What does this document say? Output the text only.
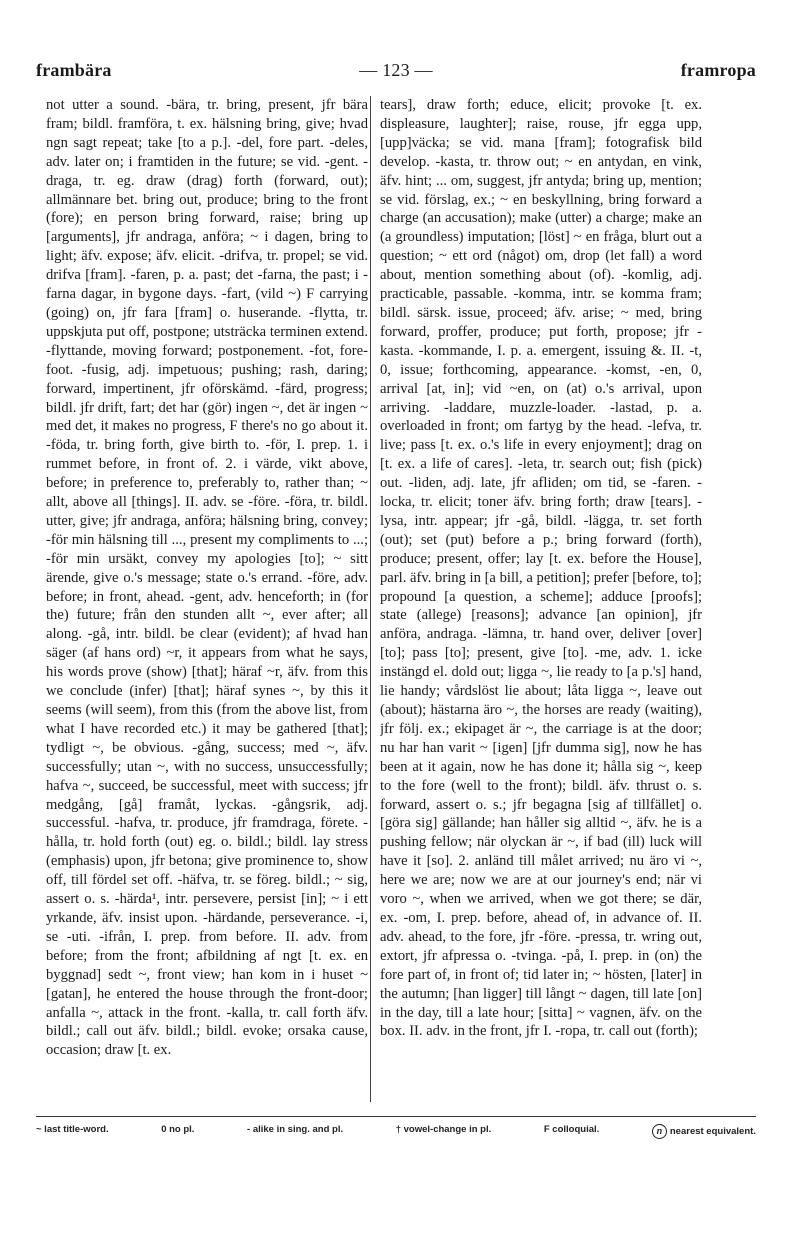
frambära	— 123 —	framropa

not utter a sound. -bära, tr. bring, present, jfr bära fram; bildl. framföra, t. ex. hälsning bring, give; hvad ngn sagt repeat; take [to a p.]. -del, fore part. -deles, adv. later on; i framtiden in the future; se vid. -gent. -draga, tr. eg. draw (drag) forth (forward, out); allmännare bet. bring out, produce; bring to the front (fore); en person bring forward, raise; bring up [arguments], jfr andraga, anföra; ~ i dagen, bring to light; äfv. expose; äfv. elicit. -drifva, tr. propel; se vid. drifva [fram]. -faren, p. a. past; det -farna, the past; i -farna dagar, in bygone days. -fart, (vild ~) F carrying (going) on, jfr fara [fram] o. huserande. -flytta, tr. uppskjuta put off, postpone; utsträcka terminen extend. -flyttande, moving forward; postponement. -fot, fore-foot. -fusig, adj. impetuous; pushing; rash, daring; forward, impertinent, jfr oförskämd. -färd, progress; bildl. jfr drift, fart; det har (gör) ingen ~, det är ingen ~ med det, it makes no progress, F there's no go about it. -föda, tr. bring forth, give birth to. -för, I. prep. 1. i rummet before, in front of. 2. i värde, vikt above, before; in preference to, preferably to, rather than; ~ allt, above all [things]. II. adv. se -före. -föra, tr. bildl. utter, give; jfr andraga, anföra; hälsning bring, convey; -för min hälsning till ..., present my compliments to ...; -för min ursäkt, convey my apologies [to]; ~ sitt ärende, give o.'s message; state o.'s errand. -före, adv. before; in front, ahead. -gent, adv. henceforth; in (for the) future; från den stunden allt ~, ever after; all along. -gå, intr. bildl. be clear (evident); af hvad han säger (af hans ord) ~r, it appears from what he says, his words prove (show) [that]; häraf ~r, äfv. from this we conclude (infer) [that]; häraf synes ~, by this it seems (will seem), from this (from the above list, from what I have recorded etc.) it may be gathered [that]; tydligt ~, be obvious. -gång, success; med ~, äfv. successfully; utan ~, with no success, unsuccessfully; hafva ~, succeed, be successful, meet with success; jfr medgång, [gå] framåt, lyckas. -gångsrik, adj. successful. -hafva, tr. produce, jfr framdraga, förete. -hålla, tr. hold forth (out) eg. o. bildl.; bildl. lay stress (emphasis) upon, jfr betona; give prominence to, show off, till fördel set off. -häfva, tr. se föreg. bildl.; ~ sig, assert o. s. -härda¹, intr. persevere, persist [in]; ~ i ett yrkande, äfv. insist upon. -härdande, perseverance. -i, se -uti. -ifrån, I. prep. from before. II. adv. from before; from the front; afbildning af ngt [t. ex. en byggnad] sedt ~, front view; han kom in i huset ~ [gatan], he entered the house through the front-door; anfalla ~, attack in the front. -kalla, tr. call forth äfv. bildl.; call out äfv. bildl.; bildl. evoke; orsaka cause, occasion; draw [t. ex.

tears], draw forth; educe, elicit; provoke [t. ex. displeasure, laughter]; raise, rouse, jfr egga upp, [upp]väcka; se vid. mana [fram]; fotografisk bild develop. -kasta, tr. throw out; ~ en antydan, en vink, äfv. hint; ... om, suggest, jfr antyda; bring up, mention; se vid. förslag, ex.; ~ en beskyllning, bring forward a charge (an accusation); make (utter) a charge; make an (a groundless) imputation; [löst] ~ en fråga, blurt out a question; ~ ett ord (något) om, drop (let fall) a word about, mention something about (of). -komlig, adj. practicable, passable. -komma, intr. se komma fram; bildl. särsk. issue, proceed; äfv. arise; ~ med, bring forward, proffer, produce; put forth, propose; jfr -kasta. -kommande, I. p. a. emergent, issuing &. II. -t, 0, issue; forthcoming, appearance. -komst, -en, 0, arrival [at, in]; vid ~en, on (at) o.'s arrival, upon arriving. -laddare, muzzle-loader. -lastad, p. a. overloaded in front; om fartyg by the head. -lefva, tr. live; pass [t. ex. o.'s life in every enjoyment]; drag on [t. ex. a life of cares]. -leta, tr. search out; fish (pick) out. -liden, adj. late, jfr afliden; om tid, se -faren. -locka, tr. elicit; toner äfv. bring forth; draw [tears]. -lysa, intr. appear; jfr -gå, bildl. -lägga, tr. set forth (out); set (put) before a p.; bring forward (forth), produce; present, offer; lay [t. ex. before the House], parl. äfv. bring in [a bill, a petition]; prefer [before, to]; propound [a question, a scheme]; adduce [proofs]; state (allege) [reasons]; advance [an opinion], jfr anföra, andraga. -lämna, tr. hand over, deliver [over] [to]; pass [to]; present, give [to]. -me, adv. 1. icke instängd el. dold out; ligga ~, lie ready to [a p.'s] hand, lie handy; vårdslöst lie about; låta ligga ~, leave out (about); hästarna äro ~, the horses are ready (waiting), jfr följ. ex.; ekipaget är ~, the carriage is at the door; nu har han varit ~ [igen] [jfr dumma sig], now he has been at it again, now he has done it; hålla sig ~, keep to the fore (well to the front); bildl. äfv. thrust o. s. forward, assert o. s.; jfr begagna [sig af tillfället] o. [göra sig] gällande; han håller sig alltid ~, äfv. he is a pushing fellow; när olyckan är ~, if bad (ill) luck will have it [so]. 2. anländ till målet arrived; nu äro vi ~, here we are; now we are at our journey's end; när vi voro ~, when we arrived, when we got there; se där, ex. -om, I. prep. before, ahead of, in advance of. II. adv. ahead, to the fore, jfr -före. -pressa, tr. wring out, extort, jfr afpressa o. -tvinga. -på, I. prep. in (on) the fore part of, in front of; tid later in; ~ hösten, [later] in the autumn; [han ligger] till långt ~ dagen, till late [on] in the day, till a late hour; [sitta] ~ vagnen, äfv. on the box. II. adv. in the front, jfr I. -ropa, tr. call out (forth);

~ last title-word.	0 no pl.	- alike in sing. and pl.	† vowel-change in pl.	F colloquial.	n nearest equivalent.
